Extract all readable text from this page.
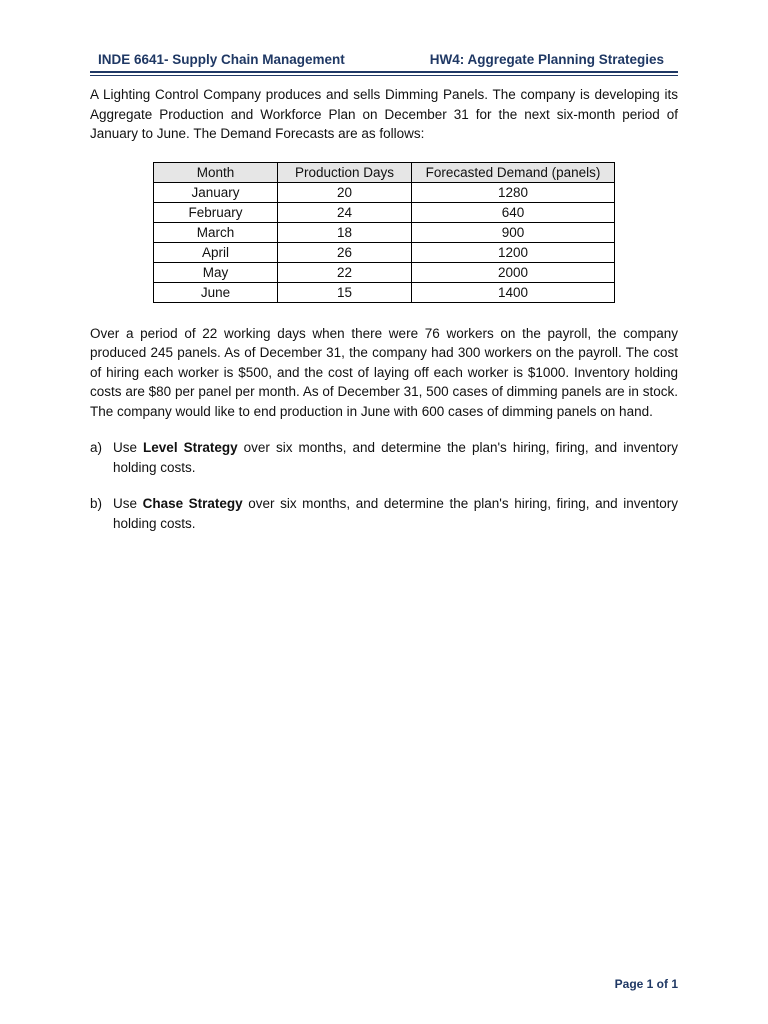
INDE 6641- Supply Chain Management	HW4: Aggregate Planning Strategies

A Lighting Control Company produces and sells Dimming Panels. The company is developing its Aggregate Production and Workforce Plan on December 31 for the next six-month period of January to June. The Demand Forecasts are as follows:

Month	Production Days	Forecasted Demand (panels)
January	20	1280
February	24	640
March	18	900
April	26	1200
May	22	2000
June	15	1400

Over a period of 22 working days when there were 76 workers on the payroll, the company produced 245 panels. As of December 31, the company had 300 workers on the payroll. The cost of hiring each worker is $500, and the cost of laying off each worker is $1000. Inventory holding costs are $80 per panel per month. As of December 31, 500 cases of dimming panels are in stock. The company would like to end production in June with 600 cases of dimming panels on hand.

a) Use Level Strategy over six months, and determine the plan's hiring, firing, and inventory holding costs.
b) Use Chase Strategy over six months, and determine the plan's hiring, firing, and inventory holding costs.
Page 1 of 1
